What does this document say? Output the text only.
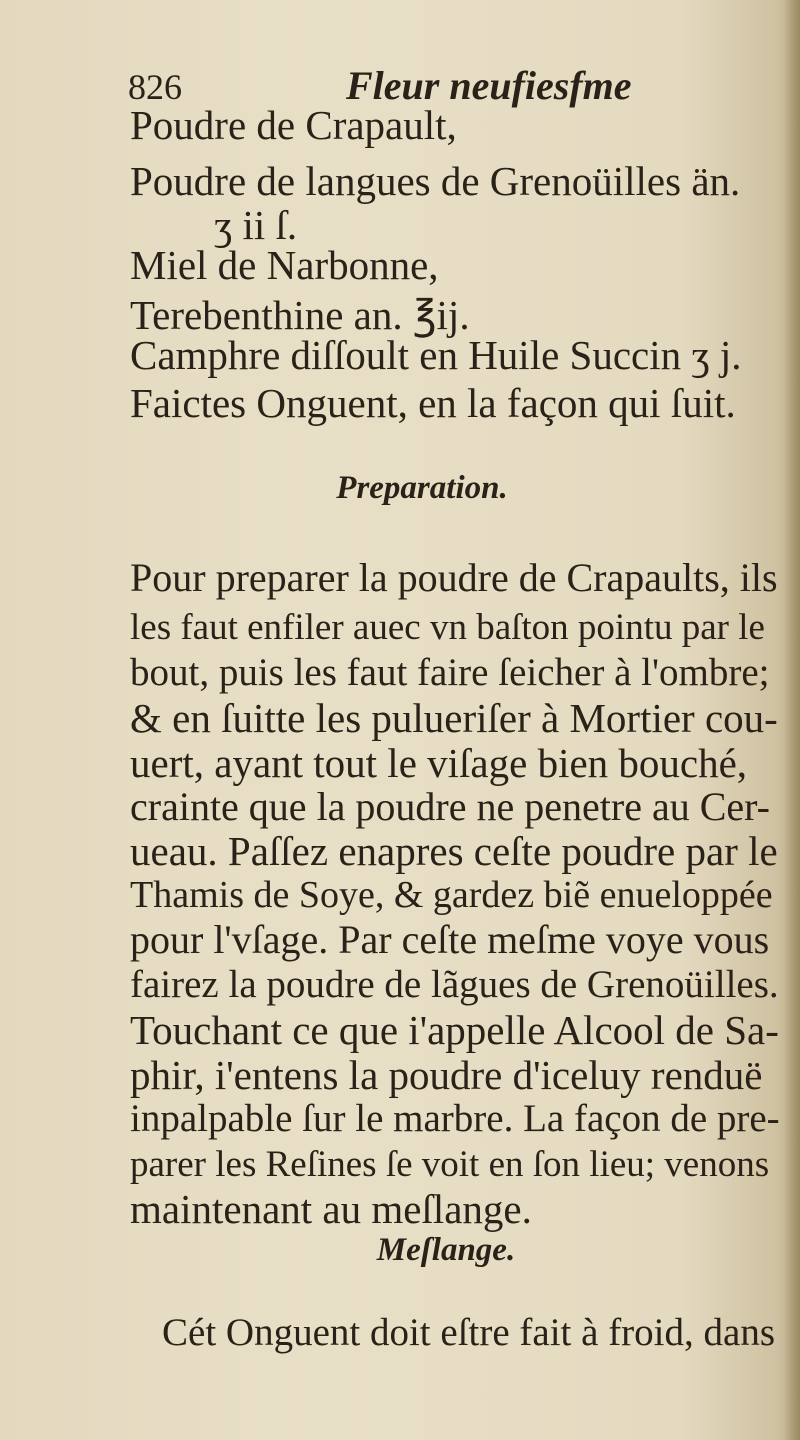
826	Fleur neufiesfme
Poudre de Crapault,
Poudre de langues de Grenoüilles än.
ʒ ii ſ.
Miel de Narbonne,
Terebenthine an. ℥ij.
Camphre diſſoult en Huile Succin ʒ j.
Faictes Onguent, en la façon qui ſuit.
Preparation.
Pour preparer la poudre de Crapaults, ils
les faut enfiler auec vn baſton pointu par le
bout, puis les faut faire ſeicher à l'ombre;
& en ſuitte les pulueriſer à Mortier cou-
uert, ayant tout le viſage bien bouché,
crainte que la poudre ne penetre au Cer-
ueau. Paſſez enapres ceſte poudre par le
Thamis de Soye, & gardez biẽ enueloppée
pour l'vſage. Par ceſte meſme voye vous
fairez la poudre de lãgues de Grenoüilles.
Touchant ce que i'appelle Alcool de Sa-
phir, i'entens la poudre d'iceluy renduë
inpalpable ſur le marbre. La façon de pre-
parer les Reſines ſe voit en ſon lieu; venons
maintenant au meſlange.
Meſlange.
Cét Onguent doit eſtre fait à froid, dans
